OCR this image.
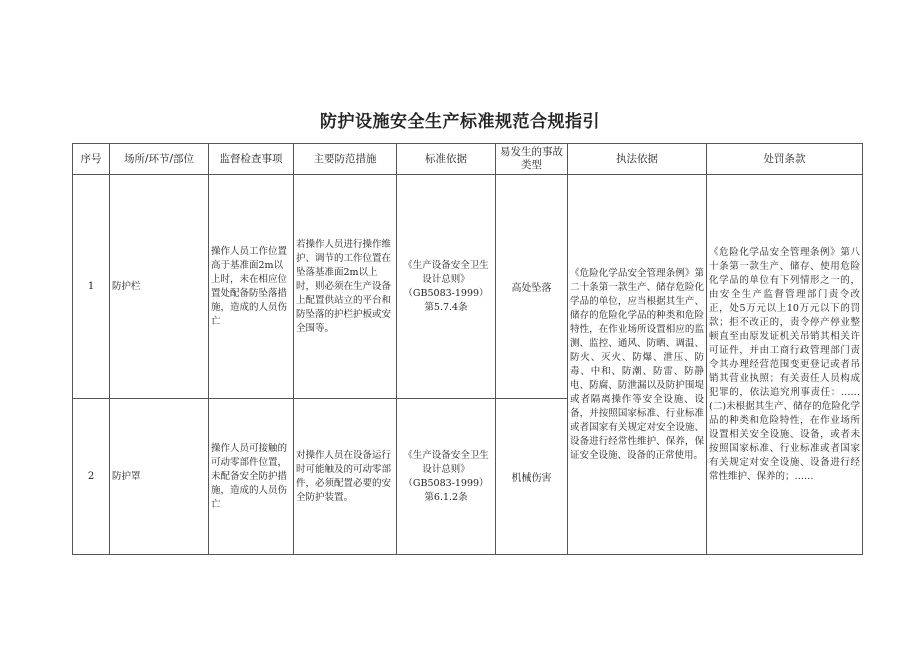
防护设施安全生产标准规范合规指引
序号	场所/环节/部位	监督检查事项	主要防范措施	标准依据	易发生的事故类型	执法依据	处罚条款
1	防护栏	操作人员工作位置高于基准面2m以上时，未在相应位置处配备防坠落措施，造成的人员伤亡	若操作人员进行操作维护、调节的工作位置在坠落基准面2m以上时，则必须在生产设备上配置供站立的平台和防坠落的护栏护板或安全围等。	《生产设备安全卫生设计总则》（GB5083-1999）第5.7.4条	高处坠落	《危险化学品安全管理条例》第二十条第一款生产、储存危险化学品的单位，应当根据其生产、储存的危险化学品的种类和危险特性，在作业场所设置相应的监测、监控、通风、防晒、调温、防火、灭火、防爆、泄压、防毒、中和、防潮、防雷、防静电、防腐、防泄漏以及防护围堤或者隔离操作等安全设施、设备，并按照国家标准、行业标准或者国家有关规定对安全设施、设备进行经常性维护、保养，保证安全设施、设备的正常使用。	《危险化学品安全管理条例》第八十条第一款生产、储存、使用危险化学品的单位有下列情形之一的，由安全生产监督管理部门责令改正，处5万元以上10万元以下的罚款；拒不改正的，责令停产停业整顿直至由原发证机关吊销其相关许可证件，并由工商行政管理部门责令其办理经营范围变更登记或者吊销其营业执照；有关责任人员构成犯罪的，依法追究刑事责任：……(二)未根据其生产、储存的危险化学品的种类和危险特性，在作业场所设置相关安全设施、设备，或者未按照国家标准、行业标准或者国家有关规定对安全设施、设备进行经常性维护、保养的；……
2	防护罩	操作人员可接触的可动零部件位置，未配备安全防护措施，造成的人员伤亡	对操作人员在设备运行时可能触及的可动零部件，必须配置必要的安全防护装置。	《生产设备安全卫生设计总则》（GB5083-1999）第6.1.2条	机械伤害		
